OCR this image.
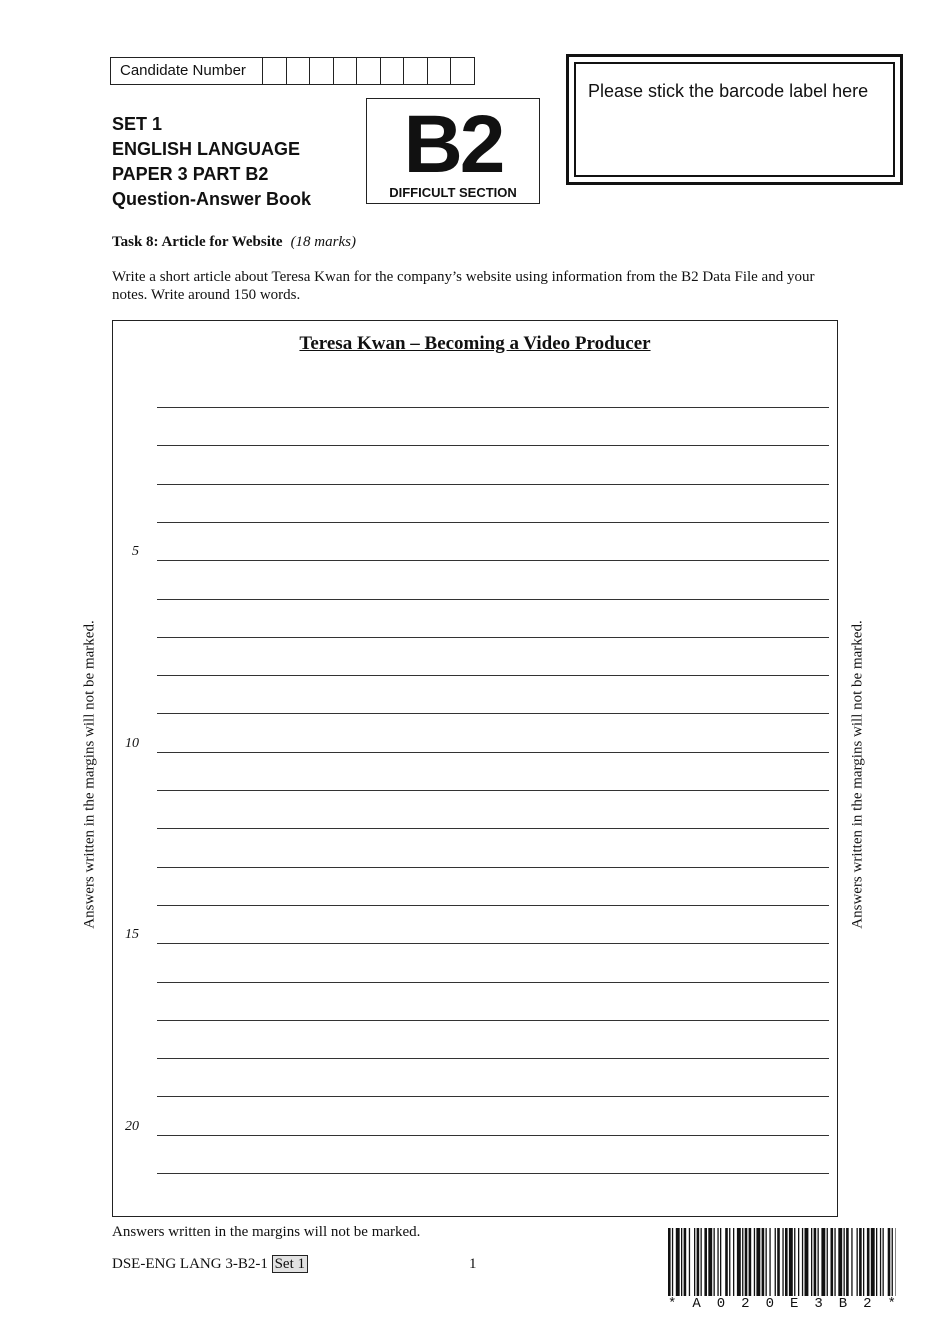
Candidate Number
SET 1
ENGLISH LANGUAGE
PAPER 3 PART B2
Question-Answer Book
B2
DIFFICULT SECTION
Please stick the barcode label here
Task 8: Article for Website (18 marks)
Write a short article about Teresa Kwan for the company’s website using information from the B2 Data File and your notes. Write around 150 words.
Teresa Kwan – Becoming a Video Producer
5
10
15
20
Answers written in the margins will not be marked.	Answers written in the margins will not be marked.
Answers written in the margins will not be marked.
DSE-ENG LANG 3-B2-1 Set 1	1
* A 0 2 0 E 3 B 2 *
